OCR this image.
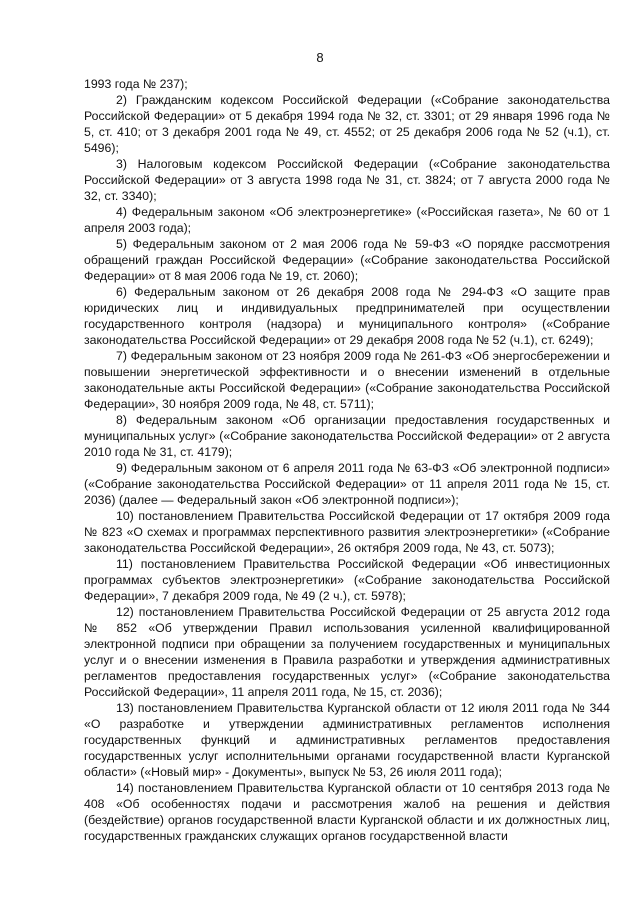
8

1993 года № 237);

2) Гражданским кодексом Российской Федерации («Собрание законодательства Российской Федерации» от 5 декабря 1994 года № 32, ст. 3301; от 29 января 1996 года № 5, ст. 410; от 3 декабря 2001 года № 49, ст. 4552; от 25 декабря 2006 года № 52 (ч.1), ст. 5496);

3) Налоговым кодексом Российской Федерации («Собрание законодательства Российской Федерации» от 3 августа 1998 года № 31, ст. 3824; от 7 августа 2000 года № 32, ст. 3340);

4) Федеральным законом «Об электроэнергетике» («Российская газета», № 60 от 1 апреля 2003 года);

5) Федеральным законом от 2 мая 2006 года № 59-ФЗ «О порядке рассмотрения обращений граждан Российской Федерации» («Собрание законодательства Российской Федерации» от 8 мая 2006 года № 19, ст. 2060);

6) Федеральным законом от 26 декабря 2008 года № 294-ФЗ «О защите прав юридических лиц и индивидуальных предпринимателей при осуществлении государственного контроля (надзора) и муниципального контроля» («Собрание законодательства Российской Федерации» от 29 декабря 2008 года № 52 (ч.1), ст. 6249);

7) Федеральным законом от 23 ноября 2009 года № 261-ФЗ «Об энергосбережении и повышении энергетической эффективности и о внесении изменений в отдельные законодательные акты Российской Федерации» («Собрание законодательства Российской Федерации», 30 ноября 2009 года, № 48, ст. 5711);

8) Федеральным законом «Об организации предоставления государственных и муниципальных услуг» («Собрание законодательства Российской Федерации» от 2 августа 2010 года № 31, ст. 4179);

9) Федеральным законом от 6 апреля 2011 года № 63-ФЗ «Об электронной подписи» («Собрание законодательства Российской Федерации» от 11 апреля 2011 года № 15, ст. 2036) (далее — Федеральный закон «Об электронной подписи»);

10) постановлением Правительства Российской Федерации от 17 октября 2009 года № 823 «О схемах и программах перспективного развития электроэнергетики» («Собрание законодательства Российской Федерации», 26 октября 2009 года, № 43, ст. 5073);

11) постановлением Правительства Российской Федерации «Об инвестиционных программах субъектов электроэнергетики» («Собрание законодательства Российской Федерации», 7 декабря 2009 года, № 49 (2 ч.), ст. 5978);

12) постановлением Правительства Российской Федерации от 25 августа 2012 года № 852 «Об утверждении Правил использования усиленной квалифицированной электронной подписи при обращении за получением государственных и муниципальных услуг и о внесении изменения в Правила разработки и утверждения административных регламентов предоставления государственных услуг» («Собрание законодательства Российской Федерации», 11 апреля 2011 года, № 15, ст. 2036);

13) постановлением Правительства Курганской области от 12 июля 2011 года № 344 «О разработке и утверждении административных регламентов исполнения государственных функций и административных регламентов предоставления государственных услуг исполнительными органами государственной власти Курганской области» («Новый мир» - Документы», выпуск № 53, 26 июля 2011 года);

14) постановлением Правительства Курганской области от 10 сентября 2013 года № 408 «Об особенностях подачи и рассмотрения жалоб на решения и действия (бездействие) органов государственной власти Курганской области и их должностных лиц, государственных гражданских служащих органов государственной власти
